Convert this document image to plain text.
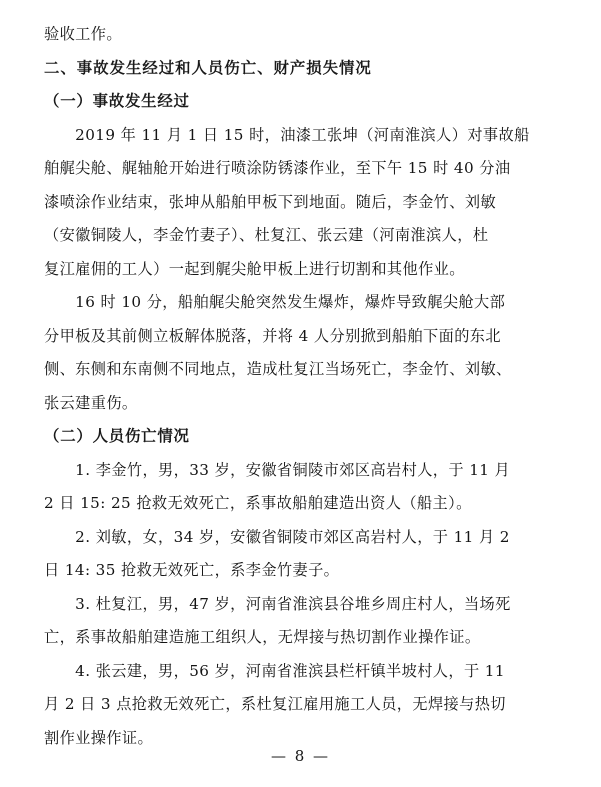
验收工作。
二、事故发生经过和人员伤亡、财产损失情况
（一）事故发生经过
　　2019 年 11 月 1 日 15 时，油漆工张坤（河南淮滨人）对事故船
舶艉尖舱、艉轴舱开始进行喷涂防锈漆作业，至下午 15 时 40 分油
漆喷涂作业结束，张坤从船舶甲板下到地面。随后，李金竹、刘敏
（安徽铜陵人，李金竹妻子）、杜复江、张云建（河南淮滨人，杜
复江雇佣的工人）一起到艉尖舱甲板上进行切割和其他作业。
　　16 时 10 分，船舶艉尖舱突然发生爆炸，爆炸导致艉尖舱大部
分甲板及其前侧立板解体脱落，并将 4 人分别掀到船舶下面的东北
侧、东侧和东南侧不同地点，造成杜复江当场死亡，李金竹、刘敏、
张云建重伤。
（二）人员伤亡情况
　　1. 李金竹，男，33 岁，安徽省铜陵市郊区高岩村人，于 11 月
2 日 15: 25 抢救无效死亡，系事故船舶建造出资人（船主）。
　　2. 刘敏，女，34 岁，安徽省铜陵市郊区高岩村人，于 11 月 2
日 14: 35 抢救无效死亡，系李金竹妻子。
　　3. 杜复江，男，47 岁，河南省淮滨县谷堆乡周庄村人，当场死
亡，系事故船舶建造施工组织人，无焊接与热切割作业操作证。
　　4. 张云建，男，56 岁，河南省淮滨县栏杆镇半坡村人，于 11
月 2 日 3 点抢救无效死亡，系杜复江雇用施工人员，无焊接与热切
割作业操作证。
— 8 —
